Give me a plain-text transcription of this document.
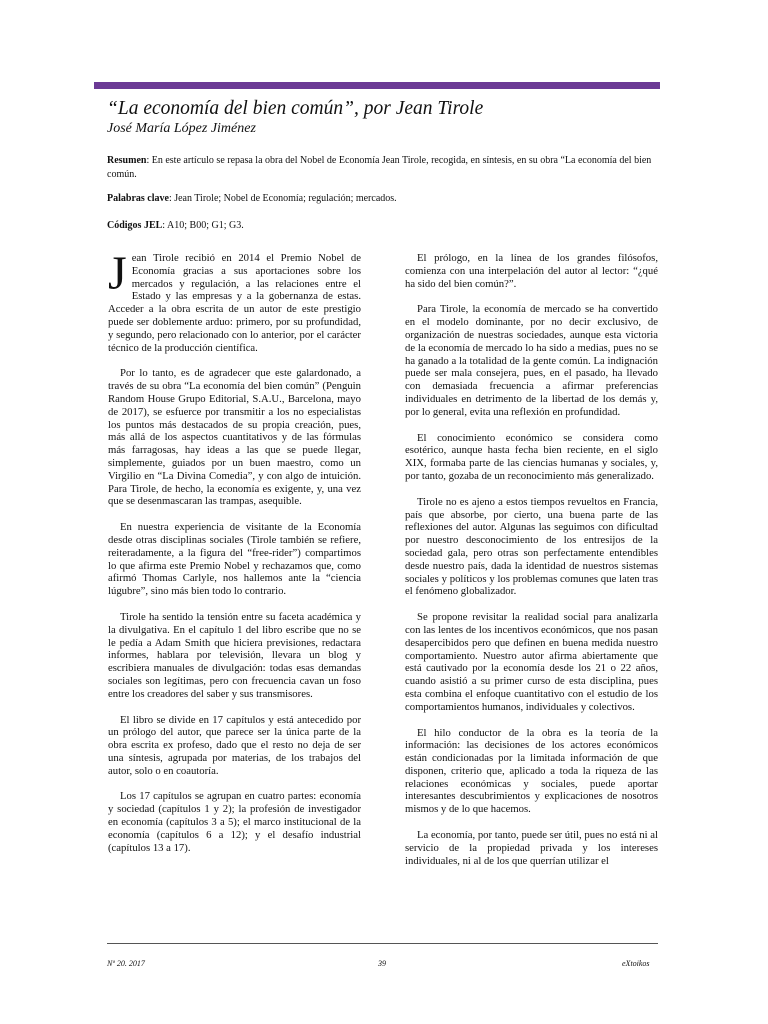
“La economía del bien común”, por Jean Tirole

José María López Jiménez

Resumen: En este artículo se repasa la obra del Nobel de Economía Jean Tirole, recogida, en síntesis, en su obra “La economía del bien común.

Palabras clave: Jean Tirole; Nobel de Economía; regulación; mercados.

Códigos JEL: A10; B00; G1; G3.

Jean Tirole recibió en 2014 el Premio Nobel de Economía gracias a sus aportaciones sobre los mercados y regulación, a las relaciones entre el Estado y las empresas y a la gobernanza de estas. Acceder a la obra escrita de un autor de este prestigio puede ser doblemente arduo: primero, por su profundidad, y segundo, pero relacionado con lo anterior, por el carácter técnico de la producción científica.

Por lo tanto, es de agradecer que este galardonado, a través de su obra “La economía del bien común” (Penguin Random House Grupo Editorial, S.A.U., Barcelona, mayo de 2017), se esfuerce por transmitir a los no especialistas los puntos más destacados de su propia creación, pues, más allá de los aspectos cuantitativos y de las fórmulas más farragosas, hay ideas a las que se puede llegar, simplemente, guiados por un buen maestro, como un Virgilio en “La Divina Comedia”, y con algo de intuición. Para Tirole, de hecho, la economía es exigente, y, una vez que se desenmascaran las trampas, asequible.

En nuestra experiencia de visitante de la Economía desde otras disciplinas sociales (Tirole también se refiere, reiteradamente, a la figura del “free-rider”) compartimos lo que afirma este Premio Nobel y rechazamos que, como afirmó Thomas Carlyle, nos hallemos ante la “ciencia lúgubre”, sino más bien todo lo contrario.

Tirole ha sentido la tensión entre su faceta académica y la divulgativa. En el capítulo 1 del libro escribe que no se le pedía a Adam Smith que hiciera previsiones, redactara informes, hablara por televisión, llevara un blog y escribiera manuales de divulgación: todas esas demandas sociales son legítimas, pero con frecuencia cavan un foso entre los creadores del saber y sus transmisores.

El libro se divide en 17 capítulos y está antecedido por un prólogo del autor, que parece ser la única parte de la obra escrita ex profeso, dado que el resto no deja de ser una síntesis, agrupada por materias, de los trabajos del autor, solo o en coautoría.

Los 17 capítulos se agrupan en cuatro partes: economía y sociedad (capítulos 1 y 2); la profesión de investigador en economía (capítulos 3 a 5); el marco institucional de la economía (capítulos 6 a 12); y el desafío industrial (capítulos 13 a 17).

El prólogo, en la línea de los grandes filósofos, comienza con una interpelación del autor al lector: “¿qué ha sido del bien común?”.

Para Tirole, la economía de mercado se ha convertido en el modelo dominante, por no decir exclusivo, de organización de nuestras sociedades, aunque esta victoria de la economía de mercado lo ha sido a medias, pues no se ha ganado a la totalidad de la gente común. La indignación puede ser mala consejera, pues, en el pasado, ha llevado con demasiada frecuencia a afirmar preferencias individuales en detrimento de la libertad de los demás y, por lo general, evita una reflexión en profundidad.

El conocimiento económico se considera como esotérico, aunque hasta fecha bien reciente, en el siglo XIX, formaba parte de las ciencias humanas y sociales, y, por tanto, gozaba de un reconocimiento más generalizado.

Tirole no es ajeno a estos tiempos revueltos en Francia, país que absorbe, por cierto, una buena parte de las reflexiones del autor. Algunas las seguimos con dificultad por nuestro desconocimiento de los entresijos de la sociedad gala, pero otras son perfectamente entendibles desde nuestro país, dada la identidad de nuestros sistemas sociales y políticos y los problemas comunes que laten tras el fenómeno globalizador.

Se propone revisitar la realidad social para analizarla con las lentes de los incentivos económicos, que nos pasan desapercibidos pero que definen en buena medida nuestro comportamiento. Nuestro autor afirma abiertamente que está cautivado por la economía desde los 21 o 22 años, cuando asistió a su primer curso de esta disciplina, pues esta combina el enfoque cuantitativo con el estudio de los comportamientos humanos, individuales y colectivos.

El hilo conductor de la obra es la teoría de la información: las decisiones de los actores económicos están condicionadas por la limitada información de que disponen, criterio que, aplicado a toda la riqueza de las relaciones económicas y sociales, puede aportar interesantes descubrimientos y explicaciones de nosotros mismos y de lo que hacemos.

La economía, por tanto, puede ser útil, pues no está ni al servicio de la propiedad privada y los intereses individuales, ni al de los que querrían utilizar el

Nº 20. 2017	39	eXtoikos
